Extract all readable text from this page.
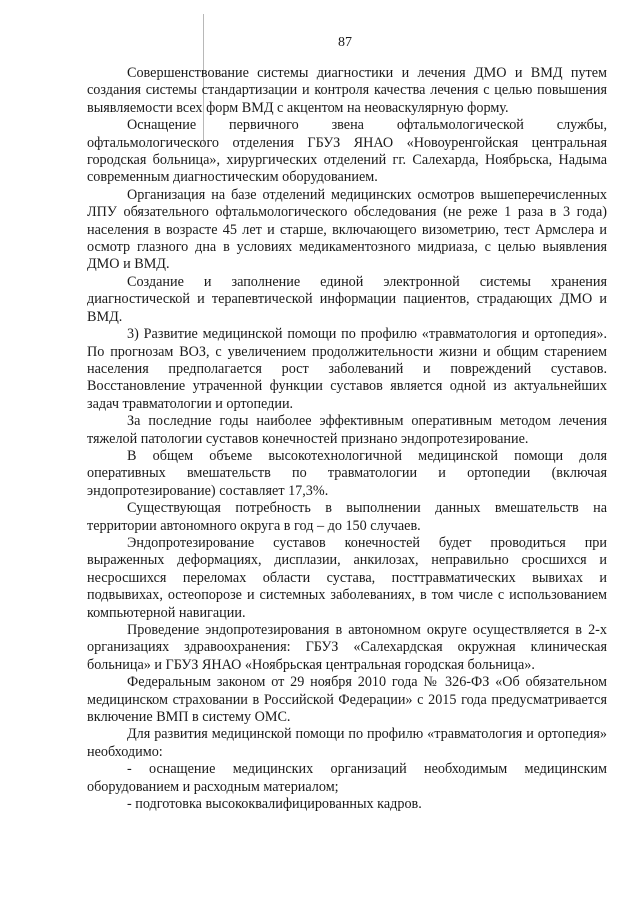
87

Совершенствование системы диагностики и лечения ДМО и ВМД путем создания системы стандартизации и контроля качества лечения с целью повышения выявляемости всех форм ВМД с акцентом на неоваскулярную форму.

Оснащение первичного звена офтальмологической службы, офтальмологического отделения ГБУЗ ЯНАО «Новоуренгойская центральная городская больница», хирургических отделений гг. Салехарда, Ноябрьска, Надыма современным диагностическим оборудованием.

Организация на базе отделений медицинских осмотров вышеперечисленных ЛПУ обязательного офтальмологического обследования (не реже 1 раза в 3 года) населения в возрасте 45 лет и старше, включающего визометрию, тест Армслера и осмотр глазного дна в условиях медикаментозного мидриаза, с целью выявления ДМО и ВМД.

Создание и заполнение единой электронной системы хранения диагностической и терапевтической информации пациентов, страдающих ДМО и ВМД.

3) Развитие медицинской помощи по профилю «травматология и ортопедия». По прогнозам ВОЗ, с увеличением продолжительности жизни и общим старением населения предполагается рост заболеваний и повреждений суставов. Восстановление утраченной функции суставов является одной из актуальнейших задач травматологии и ортопедии.

За последние годы наиболее эффективным оперативным методом лечения тяжелой патологии суставов конечностей признано эндопротезирование.

В общем объеме высокотехнологичной медицинской помощи доля оперативных вмешательств по травматологии и ортопедии (включая эндопротезирование) составляет 17,3%.

Существующая потребность в выполнении данных вмешательств на территории автономного округа в год – до 150 случаев.

Эндопротезирование суставов конечностей будет проводиться при выраженных деформациях, дисплазии, анкилозах, неправильно сросшихся и несросшихся переломах области сустава, посттравматических вывихах и подвывихах, остеопорозе и системных заболеваниях, в том числе с использованием компьютерной навигации.

Проведение эндопротезирования в автономном округе осуществляется в 2-х организациях здравоохранения: ГБУЗ «Салехардская окружная клиническая больница» и ГБУЗ ЯНАО «Ноябрьская центральная городская больница».

Федеральным законом от 29 ноября 2010 года № 326-ФЗ «Об обязательном медицинском страховании в Российской Федерации» с 2015 года предусматривается включение ВМП в систему ОМС.

Для развития медицинской помощи по профилю «травматология и ортопедия» необходимо:

- оснащение медицинских организаций необходимым медицинским оборудованием и расходным материалом;

- подготовка высококвалифицированных кадров.
